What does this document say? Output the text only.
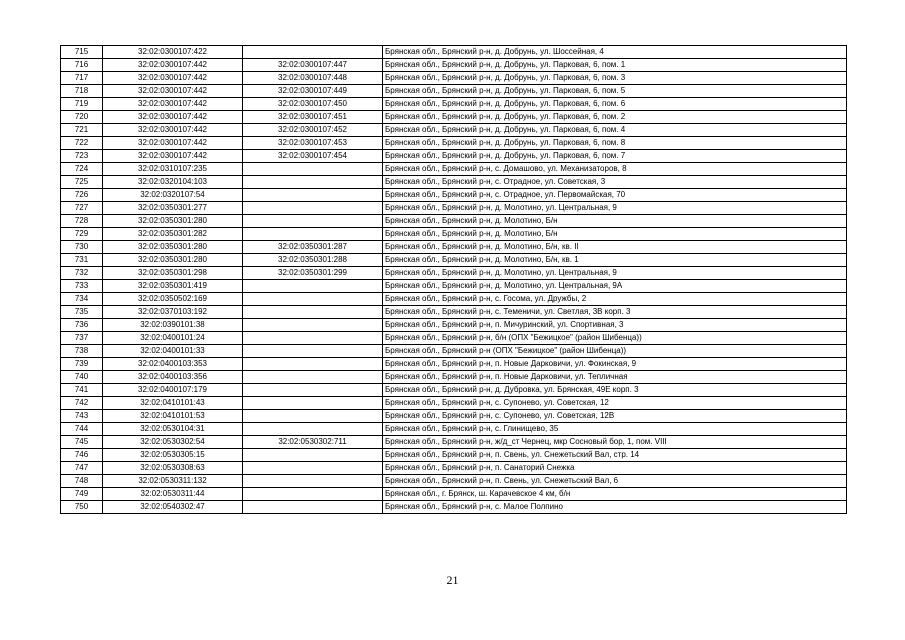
715	32:02:0300107:422		Брянская обл., Брянский р-н, д. Добрунь, ул. Шоссейная, 4
716	32:02:0300107:442	32:02:0300107:447	Брянская обл., Брянский р-н, д. Добрунь, ул. Парковая, 6, пом. 1
717	32:02:0300107:442	32:02:0300107:448	Брянская обл., Брянский р-н, д. Добрунь, ул. Парковая, 6, пом. 3
718	32:02:0300107:442	32:02:0300107:449	Брянская обл., Брянский р-н, д. Добрунь, ул. Парковая, 6, пом. 5
719	32:02:0300107:442	32:02:0300107:450	Брянская обл., Брянский р-н, д. Добрунь, ул. Парковая, 6, пом. 6
720	32:02:0300107:442	32:02:0300107:451	Брянская обл., Брянский р-н, д. Добрунь, ул. Парковая, 6, пом. 2
721	32:02:0300107:442	32:02:0300107:452	Брянская обл., Брянский р-н, д. Добрунь, ул. Парковая, 6, пом. 4
722	32:02:0300107:442	32:02:0300107:453	Брянская обл., Брянский р-н, д. Добрунь, ул. Парковая, 6, пом. 8
723	32:02:0300107:442	32:02:0300107:454	Брянская обл., Брянский р-н, д. Добрунь, ул. Парковая, 6, пом. 7
724	32:02:0310107:235		Брянская обл., Брянский р-н, с. Домашово, ул. Механизаторов, 8
725	32:02:0320104:103		Брянская обл., Брянский р-н, с. Отрадное, ул. Советская, 3
726	32:02:0320107:54		Брянская обл., Брянский р-н, с. Отрадное, ул. Первомайская, 70
727	32:02:0350301:277		Брянская обл., Брянский р-н, д. Молотино, ул. Центральная, 9
728	32:02:0350301:280		Брянская обл., Брянский р-н, д. Молотино, Б/н
729	32:02:0350301:282		Брянская обл., Брянский р-н, д. Молотино, Б/н
730	32:02:0350301:280	32:02:0350301:287	Брянская обл., Брянский р-н, д. Молотино, Б/н, кв. II
731	32:02:0350301:280	32:02:0350301:288	Брянская обл., Брянский р-н, д. Молотино, Б/н, кв. 1
732	32:02:0350301:298	32:02:0350301:299	Брянская обл., Брянский р-н, д. Молотино, ул. Центральная, 9
733	32:02:0350301:419		Брянская обл., Брянский р-н, д. Молотино, ул. Центральная, 9А
734	32:02:0350502:169		Брянская обл., Брянский р-н, с. Госома, ул. Дружбы, 2
735	32:02:0370103:192		Брянская обл., Брянский р-н, с. Теменичи, ул. Светлая, 3В корп. 3
736	32:02:0390101:38		Брянская обл., Брянский р-н, п. Мичуринский, ул. Спортивная, 3
737	32:02:0400101:24		Брянская обл., Брянский р-н, б/н (ОПХ "Бежицкое" (район Шибенца))
738	32:02:0400101:33		Брянская обл., Брянский р-н (ОПХ "Бежицкое" (район Шибенца))
739	32:02:0400103:353		Брянская обл., Брянский р-н, п. Новые Дарковичи, ул. Фокинская, 9
740	32:02:0400103:356		Брянская обл., Брянский р-н, п. Новые Дарковичи, ул. Тепличная
741	32:02:0400107:179		Брянская обл., Брянский р-н, д. Дубровка, ул. Брянская, 49Е корп. 3
742	32:02:0410101:43		Брянская обл., Брянский р-н, с. Супонево, ул. Советская, 12
743	32:02:0410101:53		Брянская обл., Брянский р-н, с. Супонево, ул. Советская, 12В
744	32:02:0530104:31		Брянская обл., Брянский р-н, с. Глинищево, 35
745	32:02:0530302:54	32:02:0530302:711	Брянская обл., Брянский р-н, ж/д_ст Чернец, мкр Сосновый бор, 1, пом. VIII
746	32:02:0530305:15		Брянская обл., Брянский р-н, п. Свень, ул. Снежетьский Вал, стр. 14
747	32:02:0530308:63		Брянская обл., Брянский р-н, п. Санаторий Снежка
748	32:02:0530311:132		Брянская обл., Брянский р-н, п. Свень, ул. Снежетьский Вал, 6
749	32:02:0530311:44		Брянская обл., г. Брянск, ш. Карачевское 4 км, б/н
750	32:02:0540302:47		Брянская обл., Брянский р-н, с. Малое Полпино
21
